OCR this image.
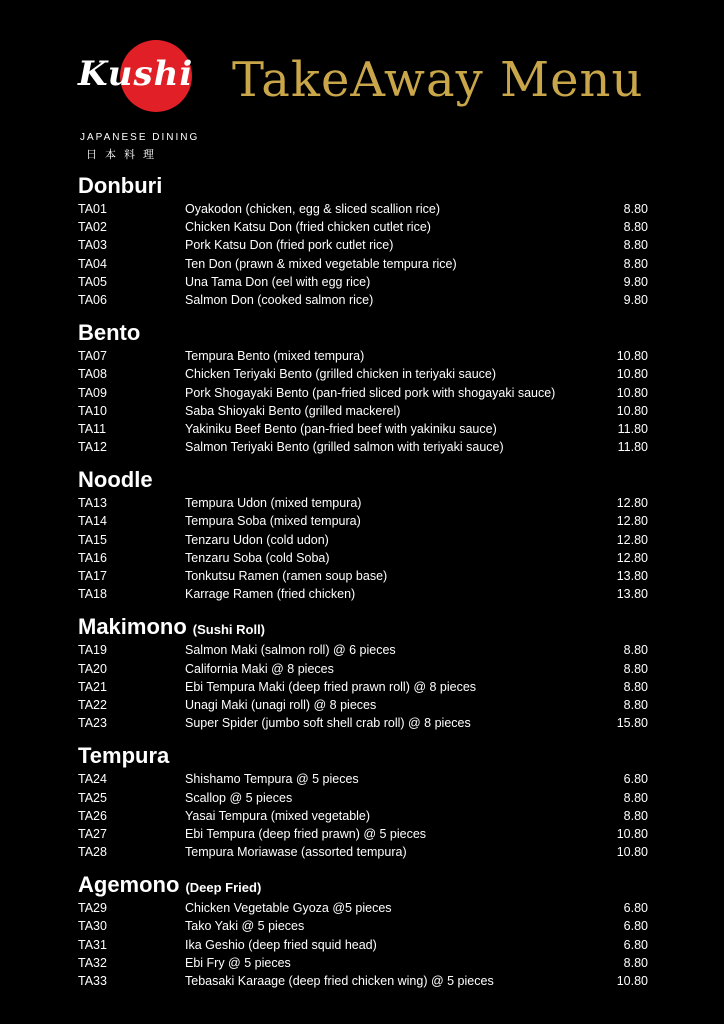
Kushi
JAPANESE DINING
日本料理
TakeAway Menu
Donburi
TA01	Oyakodon (chicken, egg & sliced scallion rice)	8.80
TA02	Chicken Katsu Don (fried chicken cutlet rice)	8.80
TA03	Pork Katsu Don (fried pork cutlet rice)	8.80
TA04	Ten Don (prawn & mixed vegetable tempura rice)	8.80
TA05	Una Tama Don (eel with egg rice)	9.80
TA06	Salmon Don (cooked salmon rice)	9.80
Bento
TA07	Tempura Bento (mixed tempura)	10.80
TA08	Chicken Teriyaki Bento (grilled chicken in teriyaki sauce)	10.80
TA09	Pork Shogayaki Bento (pan-fried sliced pork with shogayaki sauce)	10.80
TA10	Saba Shioyaki Bento (grilled mackerel)	10.80
TA11	Yakiniku Beef Bento (pan-fried beef with yakiniku sauce)	11.80
TA12	Salmon Teriyaki Bento (grilled salmon with teriyaki sauce)	11.80
Noodle
TA13	Tempura Udon (mixed tempura)	12.80
TA14	Tempura Soba (mixed tempura)	12.80
TA15	Tenzaru Udon (cold udon)	12.80
TA16	Tenzaru Soba (cold Soba)	12.80
TA17	Tonkutsu Ramen (ramen soup base)	13.80
TA18	Karrage Ramen (fried chicken)	13.80
Makimono (Sushi Roll)
TA19	Salmon Maki (salmon roll) @ 6 pieces	8.80
TA20	California Maki @ 8 pieces	8.80
TA21	Ebi Tempura Maki (deep fried prawn roll) @ 8 pieces	8.80
TA22	Unagi Maki (unagi roll) @ 8 pieces	8.80
TA23	Super Spider (jumbo soft shell crab roll) @ 8 pieces	15.80
Tempura
TA24	Shishamo Tempura @ 5 pieces	6.80
TA25	Scallop @ 5 pieces	8.80
TA26	Yasai Tempura (mixed vegetable)	8.80
TA27	Ebi Tempura (deep fried prawn) @ 5 pieces	10.80
TA28	Tempura Moriawase (assorted tempura)	10.80
Agemono (Deep Fried)
TA29	Chicken Vegetable Gyoza @5 pieces	6.80
TA30	Tako Yaki @ 5 pieces	6.80
TA31	Ika Geshio (deep fried squid head)	6.80
TA32	Ebi Fry @ 5 pieces	8.80
TA33	Tebasaki Karaage (deep fried chicken wing) @ 5 pieces	10.80
